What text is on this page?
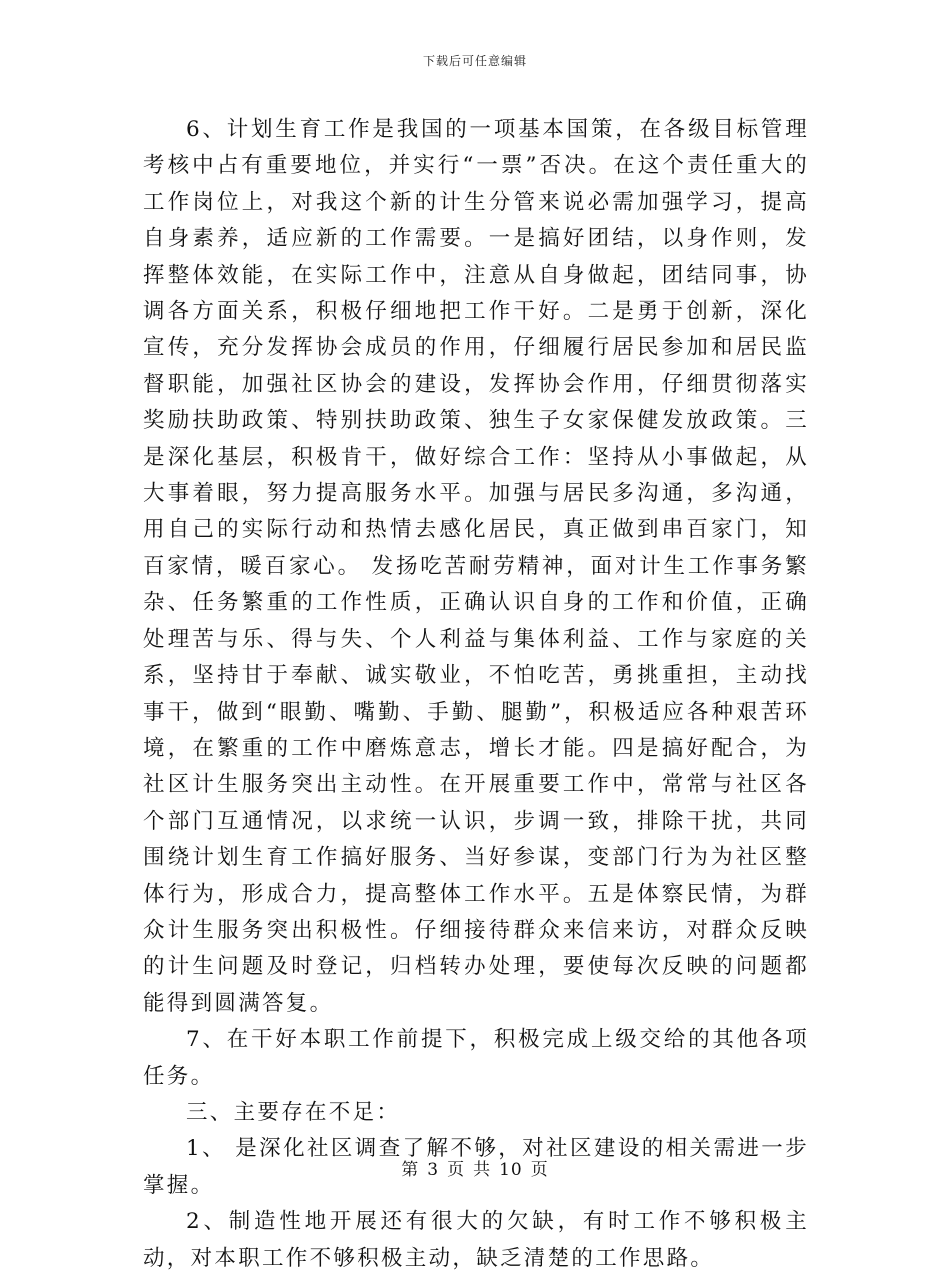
下载后可任意编辑

6、计划生育工作是我国的一项基本国策，在各级目标管理考核中占有重要地位，并实行“一票”否决。在这个责任重大的工作岗位上，对我这个新的计生分管来说必需加强学习，提高自身素养，适应新的工作需要。一是搞好团结，以身作则，发挥整体效能，在实际工作中，注意从自身做起，团结同事，协调各方面关系，积极仔细地把工作干好。二是勇于创新，深化宣传，充分发挥协会成员的作用，仔细履行居民参加和居民监督职能，加强社区协会的建设，发挥协会作用，仔细贯彻落实奖励扶助政策、特别扶助政策、独生子女家保健发放政策。三是深化基层，积极肯干，做好综合工作：坚持从小事做起，从大事着眼，努力提高服务水平。加强与居民多沟通，多沟通，用自己的实际行动和热情去感化居民，真正做到串百家门，知百家情，暖百家心。 发扬吃苦耐劳精神，面对计生工作事务繁杂、任务繁重的工作性质，正确认识自身的工作和价值，正确处理苦与乐、得与失、个人利益与集体利益、工作与家庭的关系，坚持甘于奉献、诚实敬业，不怕吃苦，勇挑重担，主动找事干，做到“眼勤、嘴勤、手勤、腿勤”，积极适应各种艰苦环境，在繁重的工作中磨炼意志，增长才能。四是搞好配合，为社区计生服务突出主动性。在开展重要工作中，常常与社区各个部门互通情况，以求统一认识，步调一致，排除干扰，共同围绕计划生育工作搞好服务、当好参谋，变部门行为为社区整体行为，形成合力，提高整体工作水平。五是体察民情，为群众计生服务突出积极性。仔细接待群众来信来访，对群众反映的计生问题及时登记，归档转办处理，要使每次反映的问题都能得到圆满答复。

7、在干好本职工作前提下，积极完成上级交给的其他各项任务。

三、主要存在不足：

1、 是深化社区调查了解不够，对社区建设的相关需进一步掌握。

2、制造性地开展还有很大的欠缺，有时工作不够积极主动，对本职工作不够积极主动，缺乏清楚的工作思路。

第 3 页 共 10 页
